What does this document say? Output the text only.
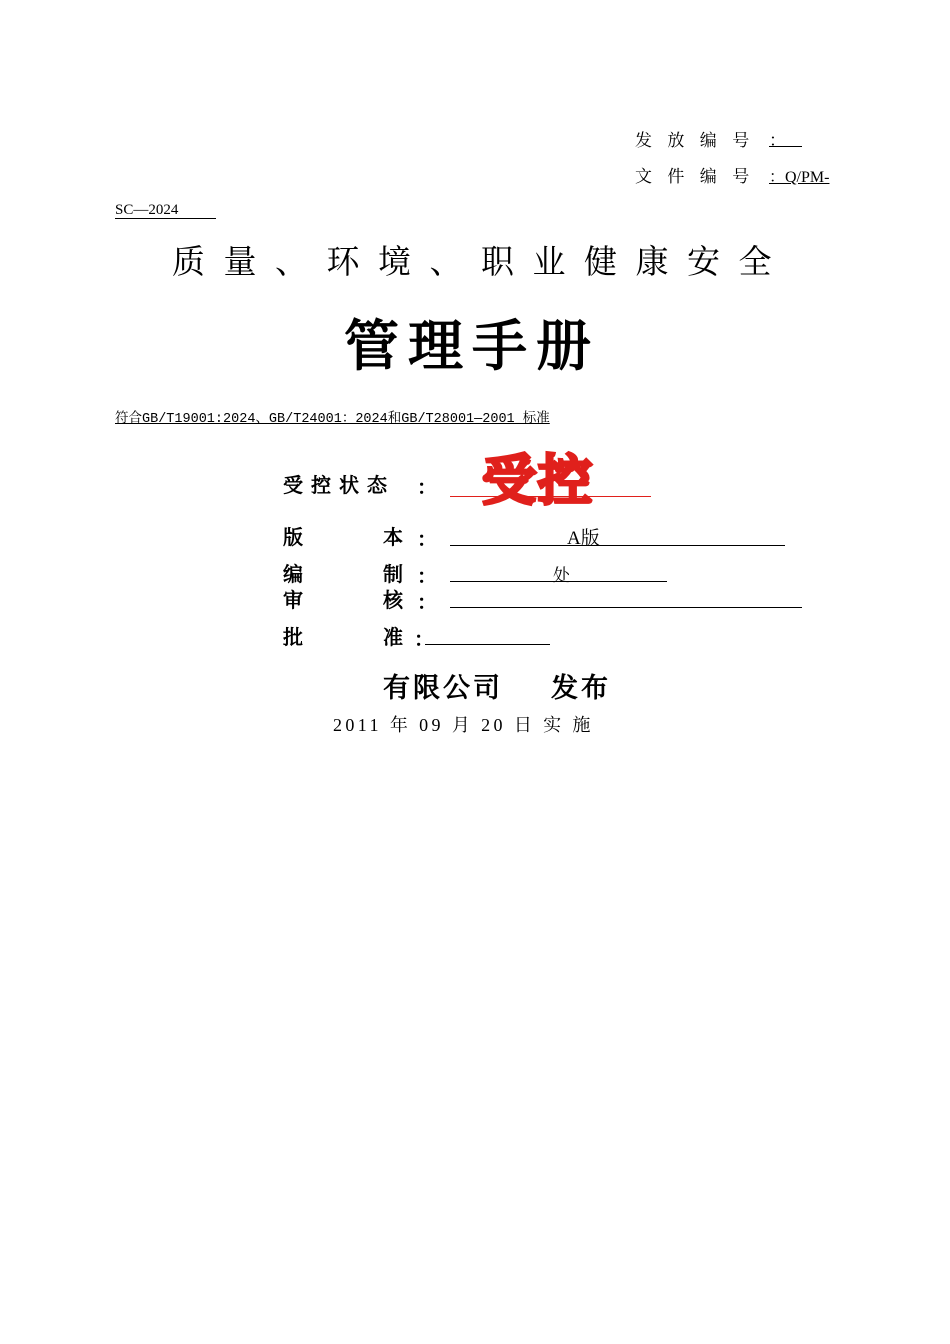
发 放 编 号 ：
文 件 编 号 ：Q/PM-
SC—2024
质量、环境、职业健康安全
管理手册
符合GB/T19001:2024、GB/T24001：2024和GB/T28001—2001 标准
受控状态 ： 受控
版	本 ：	A版
编	制 ：	处
审	核 ：
批	准 ：
有限公司 发布
2011 年 09 月 20 日 实 施
